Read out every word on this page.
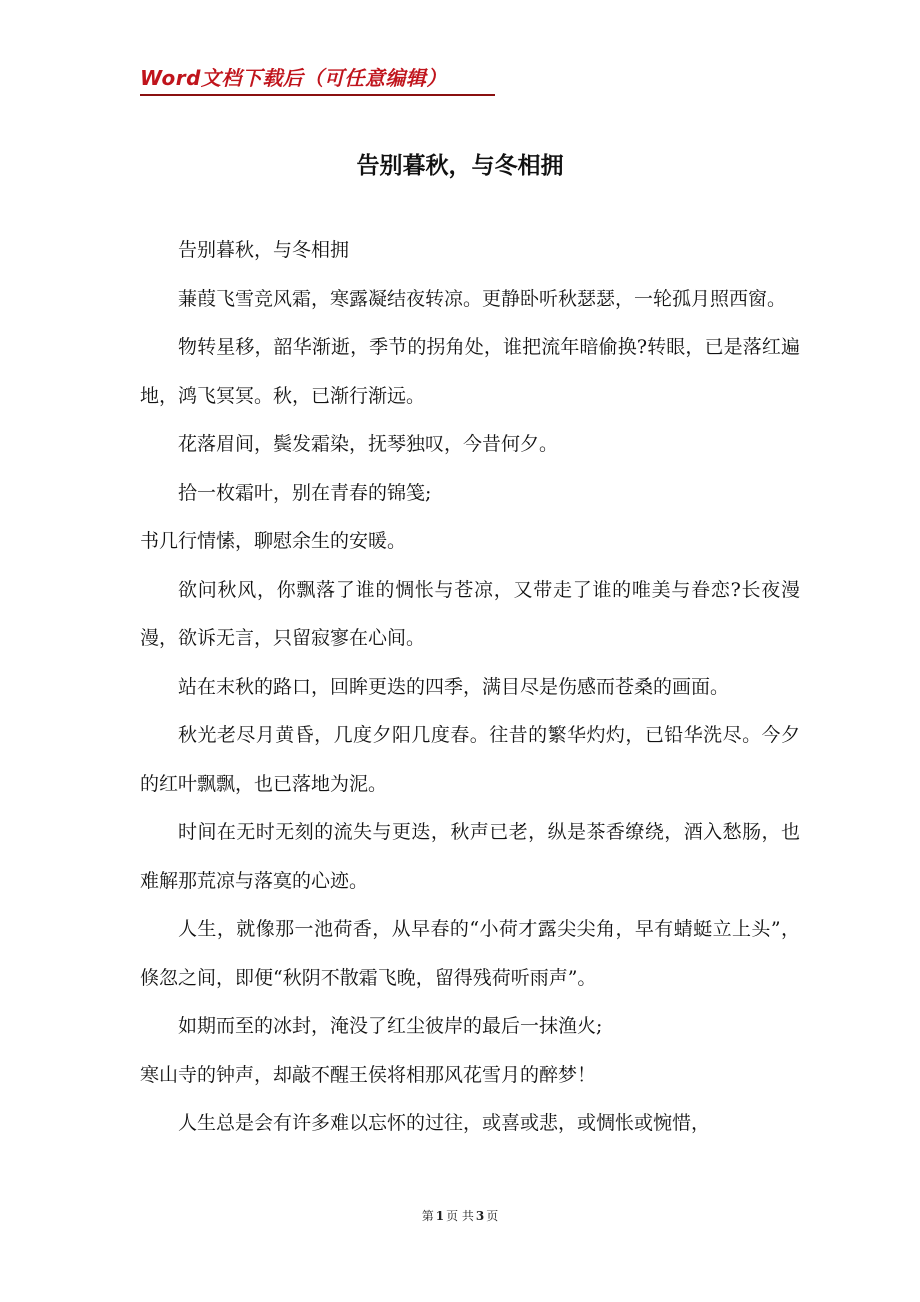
Word文档下载后（可任意编辑）
告别暮秋，与冬相拥

告别暮秋，与冬相拥

蒹葭飞雪竞风霜，寒露凝结夜转凉。更静卧听秋瑟瑟，一轮孤月照西窗。

物转星移，韶华渐逝，季节的拐角处，谁把流年暗偷换?转眼，已是落红遍地，鸿飞冥冥。秋，已渐行渐远。

花落眉间，鬓发霜染，抚琴独叹，今昔何夕。

拾一枚霜叶，别在青春的锦笺;

书几行情愫，聊慰余生的安暖。

欲问秋风，你飘落了谁的惆怅与苍凉，又带走了谁的唯美与眷恋?长夜漫漫，欲诉无言，只留寂寥在心间。

站在末秋的路口，回眸更迭的四季，满目尽是伤感而苍桑的画面。

秋光老尽月黄昏，几度夕阳几度春。往昔的繁华灼灼，已铅华洗尽。今夕的红叶飘飘，也已落地为泥。

时间在无时无刻的流失与更迭，秋声已老，纵是茶香缭绕，酒入愁肠，也难解那荒凉与落寞的心迹。

人生，就像那一池荷香，从早春的“小荷才露尖尖角，早有蜻蜓立上头”，倏忽之间，即便“秋阴不散霜飞晚，留得残荷听雨声”。

如期而至的冰封，淹没了红尘彼岸的最后一抹渔火;

寒山寺的钟声，却敲不醒王侯将相那风花雪月的醉梦！

人生总是会有许多难以忘怀的过往，或喜或悲，或惆怅或惋惜，

第 1 页 共 3 页
